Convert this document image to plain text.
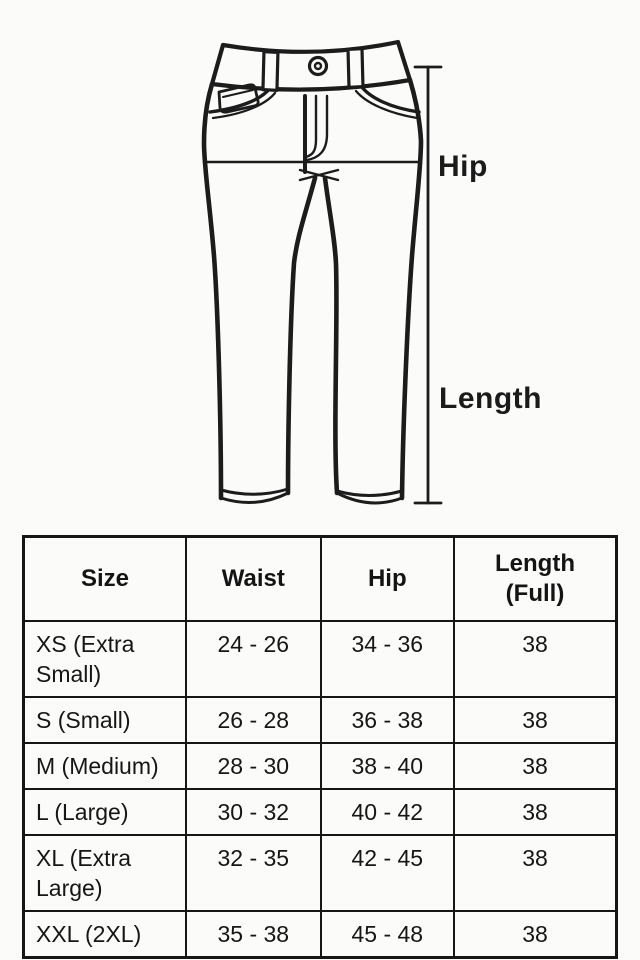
Hip
Length
Size	Waist	Hip	Length (Full)
XS (Extra Small)	24 - 26	34 - 36	38
S (Small)	26 - 28	36 - 38	38
M (Medium)	28 - 30	38 - 40	38
L (Large)	30 - 32	40 - 42	38
XL (Extra Large)	32 - 35	42 - 45	38
XXL (2XL)	35 - 38	45 - 48	38
